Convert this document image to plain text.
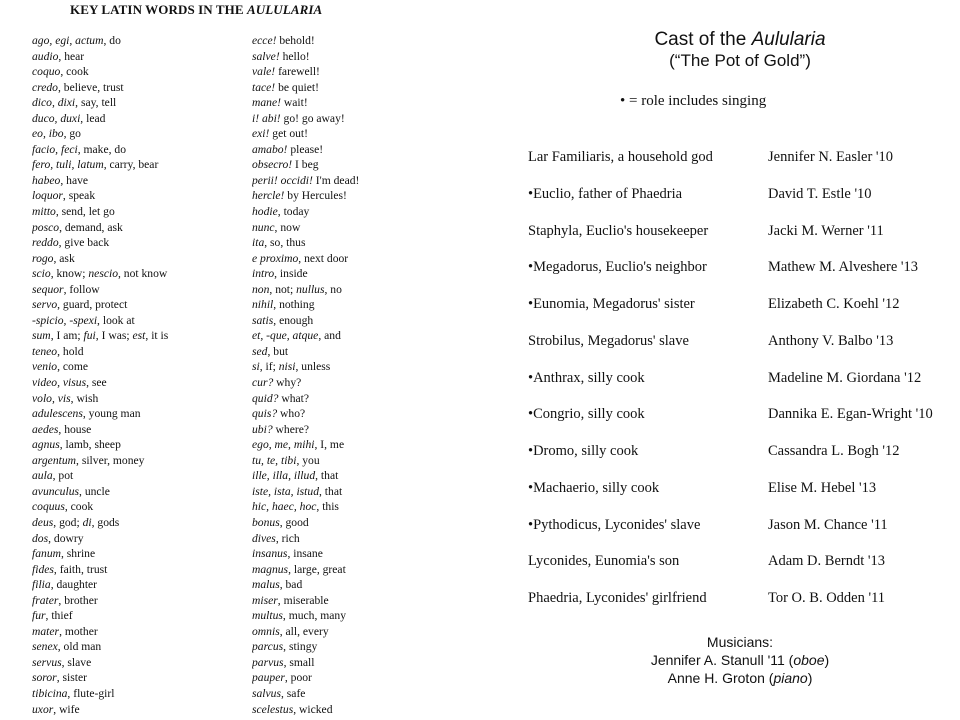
KEY LATIN WORDS IN THE AULULARIA
ago, egi, actum, do
audio, hear
coquo, cook
credo, believe, trust
dico, dixi, say, tell
duco, duxi, lead
eo, ibo, go
facio, feci, make, do
fero, tuli, latum, carry, bear
habeo, have
loquor, speak
mitto, send, let go
posco, demand, ask
reddo, give back
rogo, ask
scio, know; nescio, not know
sequor, follow
servo, guard, protect
-spicio, -spexi, look at
sum, I am; fui, I was; est, it is
teneo, hold
venio, come
video, visus, see
volo, vis, wish
adulescens, young man
aedes, house
agnus, lamb, sheep
argentum, silver, money
aula, pot
avunculus, uncle
coquus, cook
deus, god; di, gods
dos, dowry
fanum, shrine
fides, faith, trust
filia, daughter
frater, brother
fur, thief
mater, mother
senex, old man
servus, slave
soror, sister
tibicina, flute-girl
uxor, wife
ecce! behold!
salve! hello!
vale! farewell!
tace! be quiet!
mane! wait!
i! abi! go! go away!
exi! get out!
amabo! please!
obsecro! I beg
perii! occidi! I'm dead!
hercle! by Hercules!
hodie, today
nunc, now
ita, so, thus
e proximo, next door
intro, inside
non, not; nullus, no
nihil, nothing
satis, enough
et, -que, atque, and
sed, but
si, if; nisi, unless
cur? why?
quid? what?
quis? who?
ubi? where?
ego, me, mihi, I, me
tu, te, tibi, you
ille, illa, illud, that
iste, ista, istud, that
hic, haec, hoc, this
bonus, good
dives, rich
insanus, insane
magnus, large, great
malus, bad
miser, miserable
multus, much, many
omnis, all, every
parcus, stingy
parvus, small
pauper, poor
salvus, safe
scelestus, wicked
Cast of the Aulularia
(“The Pot of Gold”)
• = role includes singing
Lar Familiaris, a household god	Jennifer N. Easler '10
•Euclio, father of Phaedria	David T. Estle '10
Staphyla, Euclio's housekeeper	Jacki M. Werner '11
•Megadorus, Euclio's neighbor	Mathew M. Alveshere '13
•Eunomia, Megadorus' sister	Elizabeth C. Koehl '12
Strobilus, Megadorus' slave	Anthony V. Balbo '13
•Anthrax, silly cook	Madeline M. Giordana '12
•Congrio, silly cook	Dannika E. Egan-Wright '10
•Dromo, silly cook	Cassandra L. Bogh '12
•Machaerio, silly cook	Elise M. Hebel '13
•Pythodicus, Lyconides' slave	Jason M. Chance '11
Lyconides, Eunomia's son	Adam D. Berndt '13
Phaedria, Lyconides' girlfriend	Tor O. B. Odden '11
Musicians:
Jennifer A. Stanull '11 (oboe)
Anne H. Groton (piano)
